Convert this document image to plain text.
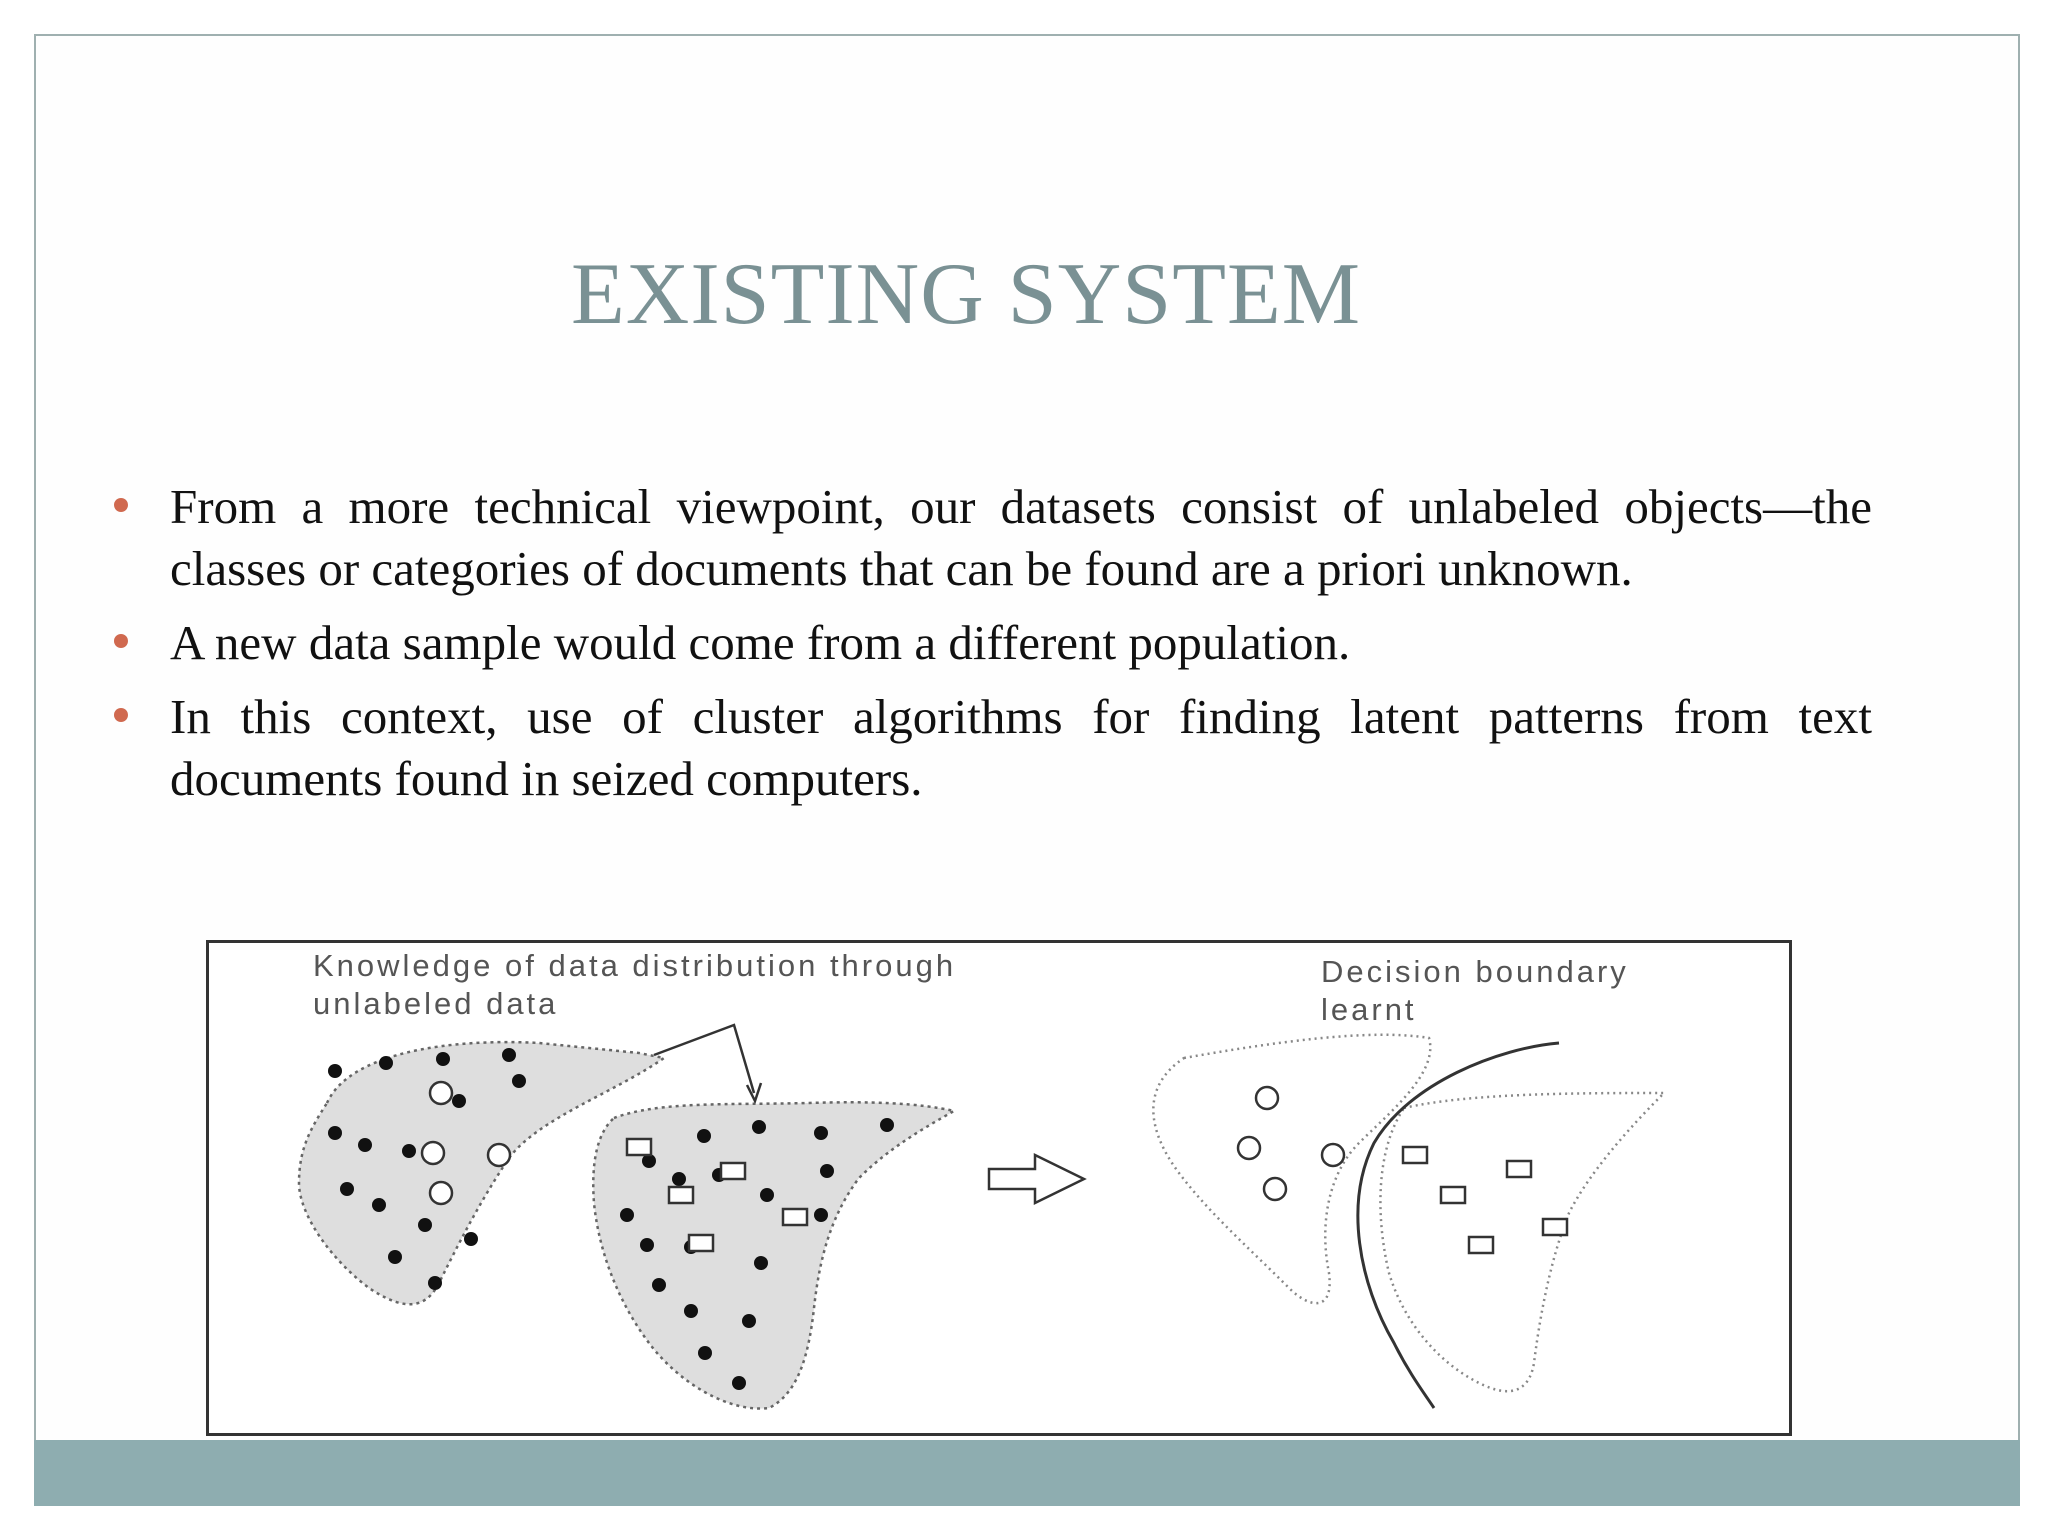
EXISTING SYSTEM
From a more technical viewpoint, our datasets consist of unlabeled objects—the classes or categories of documents that can be found are a priori unknown.
A new data sample would come from a different population.
In this context, use of cluster algorithms for finding latent patterns from text documents found in seized computers.
Knowledge of data distribution through
unlabeled data
Decision boundary
learnt
